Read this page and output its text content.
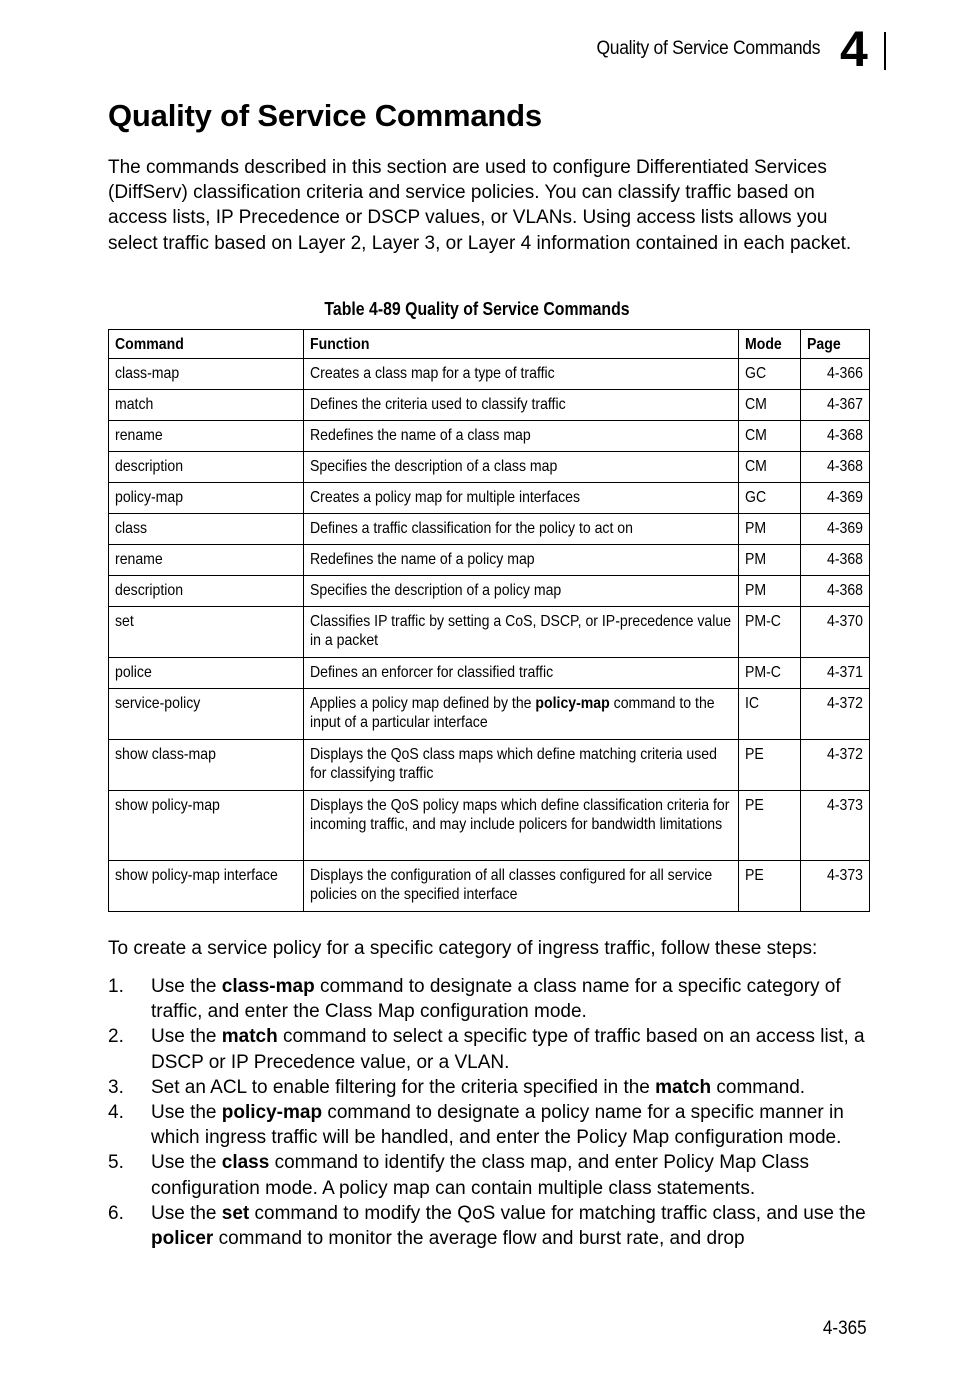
Quality of Service Commands 4
Quality of Service Commands

The commands described in this section are used to configure Differentiated Services (DiffServ) classification criteria and service policies. You can classify traffic based on access lists, IP Precedence or DSCP values, or VLANs. Using access lists allows you select traffic based on Layer 2, Layer 3, or Layer 4 information contained in each packet.

Table 4-89 Quality of Service Commands
Command	Function	Mode	Page

class-map	Creates a class map for a type of traffic	GC	4-366

match	Defines the criteria used to classify traffic	CM	4-367

rename	Redefines the name of a class map	CM	4-368

description	Specifies the description of a class map	CM	4-368

policy-map	Creates a policy map for multiple interfaces	GC	4-369

class	Defines a traffic classification for the policy to act on	PM	4-369

rename	Redefines the name of a policy map	PM	4-368

description	Specifies the description of a policy map	PM	4-368

set	Classifies IP traffic by setting a CoS, DSCP, or IP-precedence value in a packet	PM-C	4-370

police	Defines an enforcer for classified traffic	PM-C	4-371

service-policy	Applies a policy map defined by the policy-map command to the input of a particular interface	IC	4-372

show class-map	Displays the QoS class maps which define matching criteria used for classifying traffic	PE	4-372

show policy-map	Displays the QoS policy maps which define classification criteria for incoming traffic, and may include policers for bandwidth limitations	PE	4-373

show policy-map interface	Displays the configuration of all classes configured for all service policies on the specified interface	PE	4-373

To create a service policy for a specific category of ingress traffic, follow these steps:

1. Use the class-map command to designate a class name for a specific category of traffic, and enter the Class Map configuration mode.
2. Use the match command to select a specific type of traffic based on an access list, a DSCP or IP Precedence value, or a VLAN.
3. Set an ACL to enable filtering for the criteria specified in the match command.
4. Use the policy-map command to designate a policy name for a specific manner in which ingress traffic will be handled, and enter the Policy Map configuration mode.
5. Use the class command to identify the class map, and enter Policy Map Class configuration mode. A policy map can contain multiple class statements.
6. Use the set command to modify the QoS value for matching traffic class, and use the policer command to monitor the average flow and burst rate, and drop
4-365
